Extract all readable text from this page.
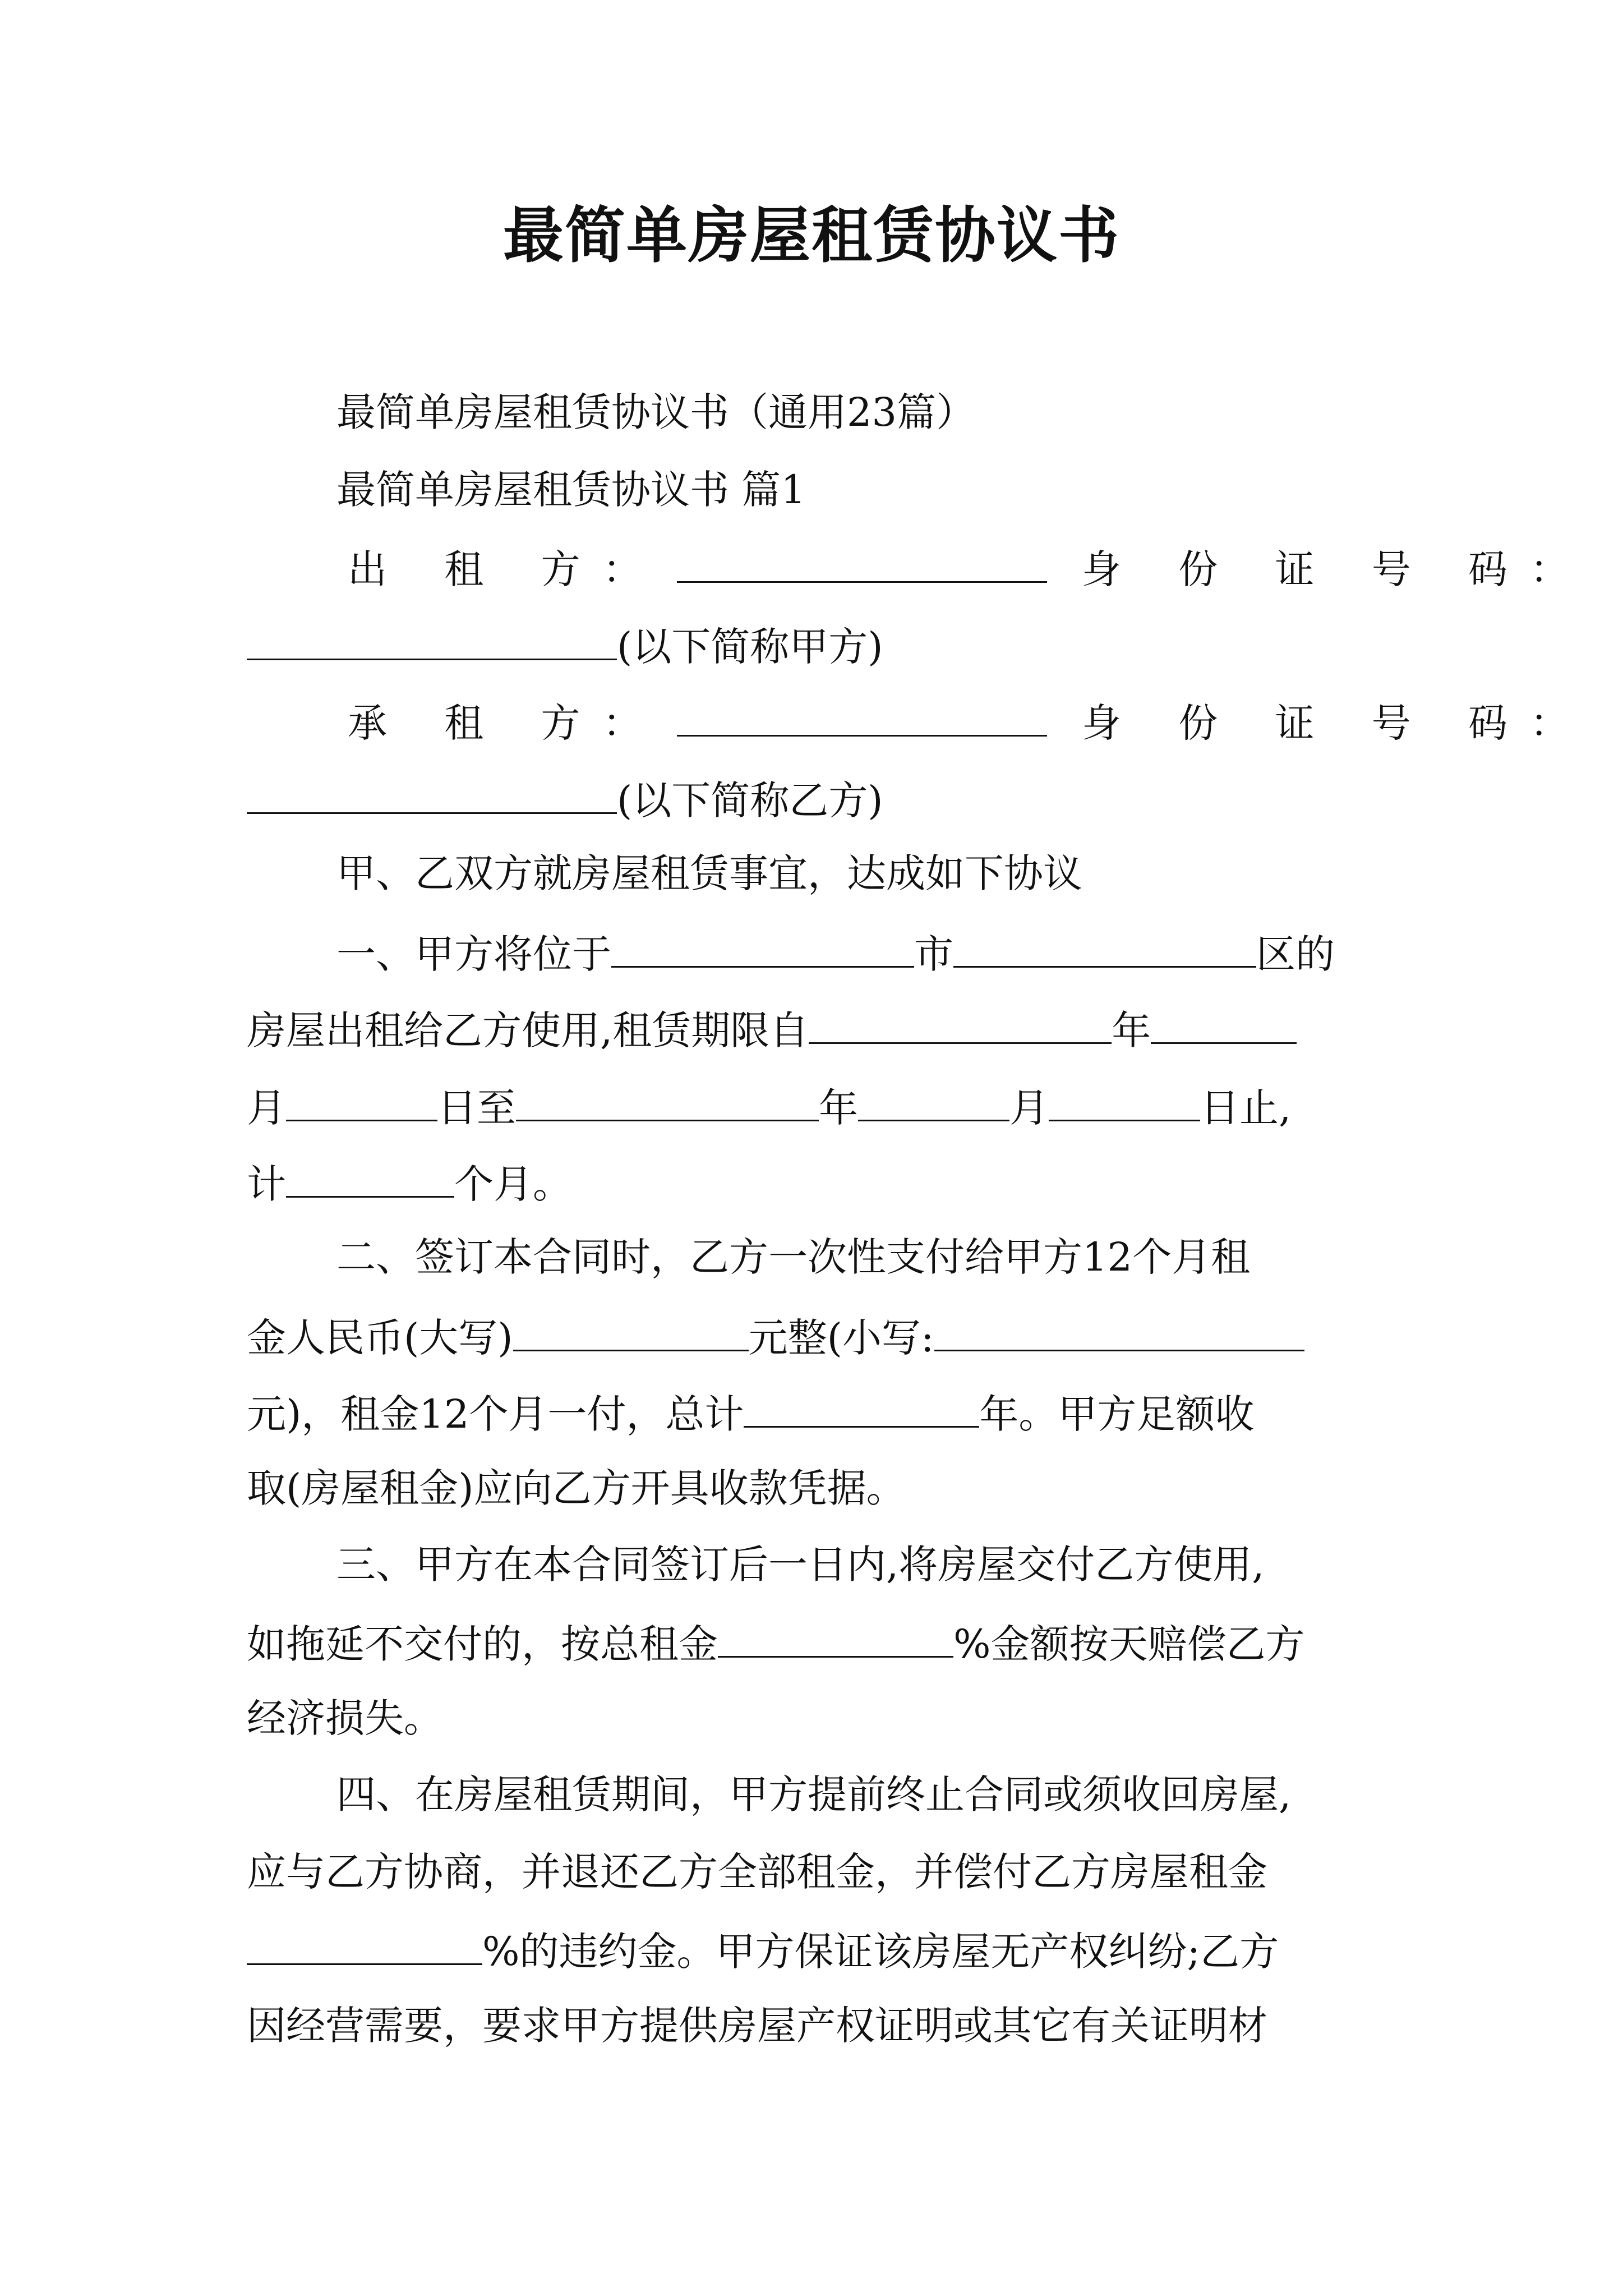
最简单房屋租赁协议书
最简单房屋租赁协议书（通用23篇）
最简单房屋租赁协议书 篇1
出 租 方：	身 份 证 号 码：
(以下简称甲方)
承 租 方：	身 份 证 号 码：
(以下简称乙方)
甲、乙双方就房屋租赁事宜，达成如下协议
一、甲方将位于	市	区的
房屋出租给乙方使用,租赁期限自	年
月	日至	年	月	日止,
计	个月。
二、签订本合同时，乙方一次性支付给甲方12个月租
金人民币(大写)	元整(小写:
元)，租金12个月一付，总计	年。甲方足额收
取(房屋租金)应向乙方开具收款凭据。
三、甲方在本合同签订后一日内,将房屋交付乙方使用,
如拖延不交付的，按总租金	%金额按天赔偿乙方
经济损失。
四、在房屋租赁期间，甲方提前终止合同或须收回房屋,
应与乙方协商，并退还乙方全部租金，并偿付乙方房屋租金
%的违约金。甲方保证该房屋无产权纠纷;乙方
因经营需要，要求甲方提供房屋产权证明或其它有关证明材
